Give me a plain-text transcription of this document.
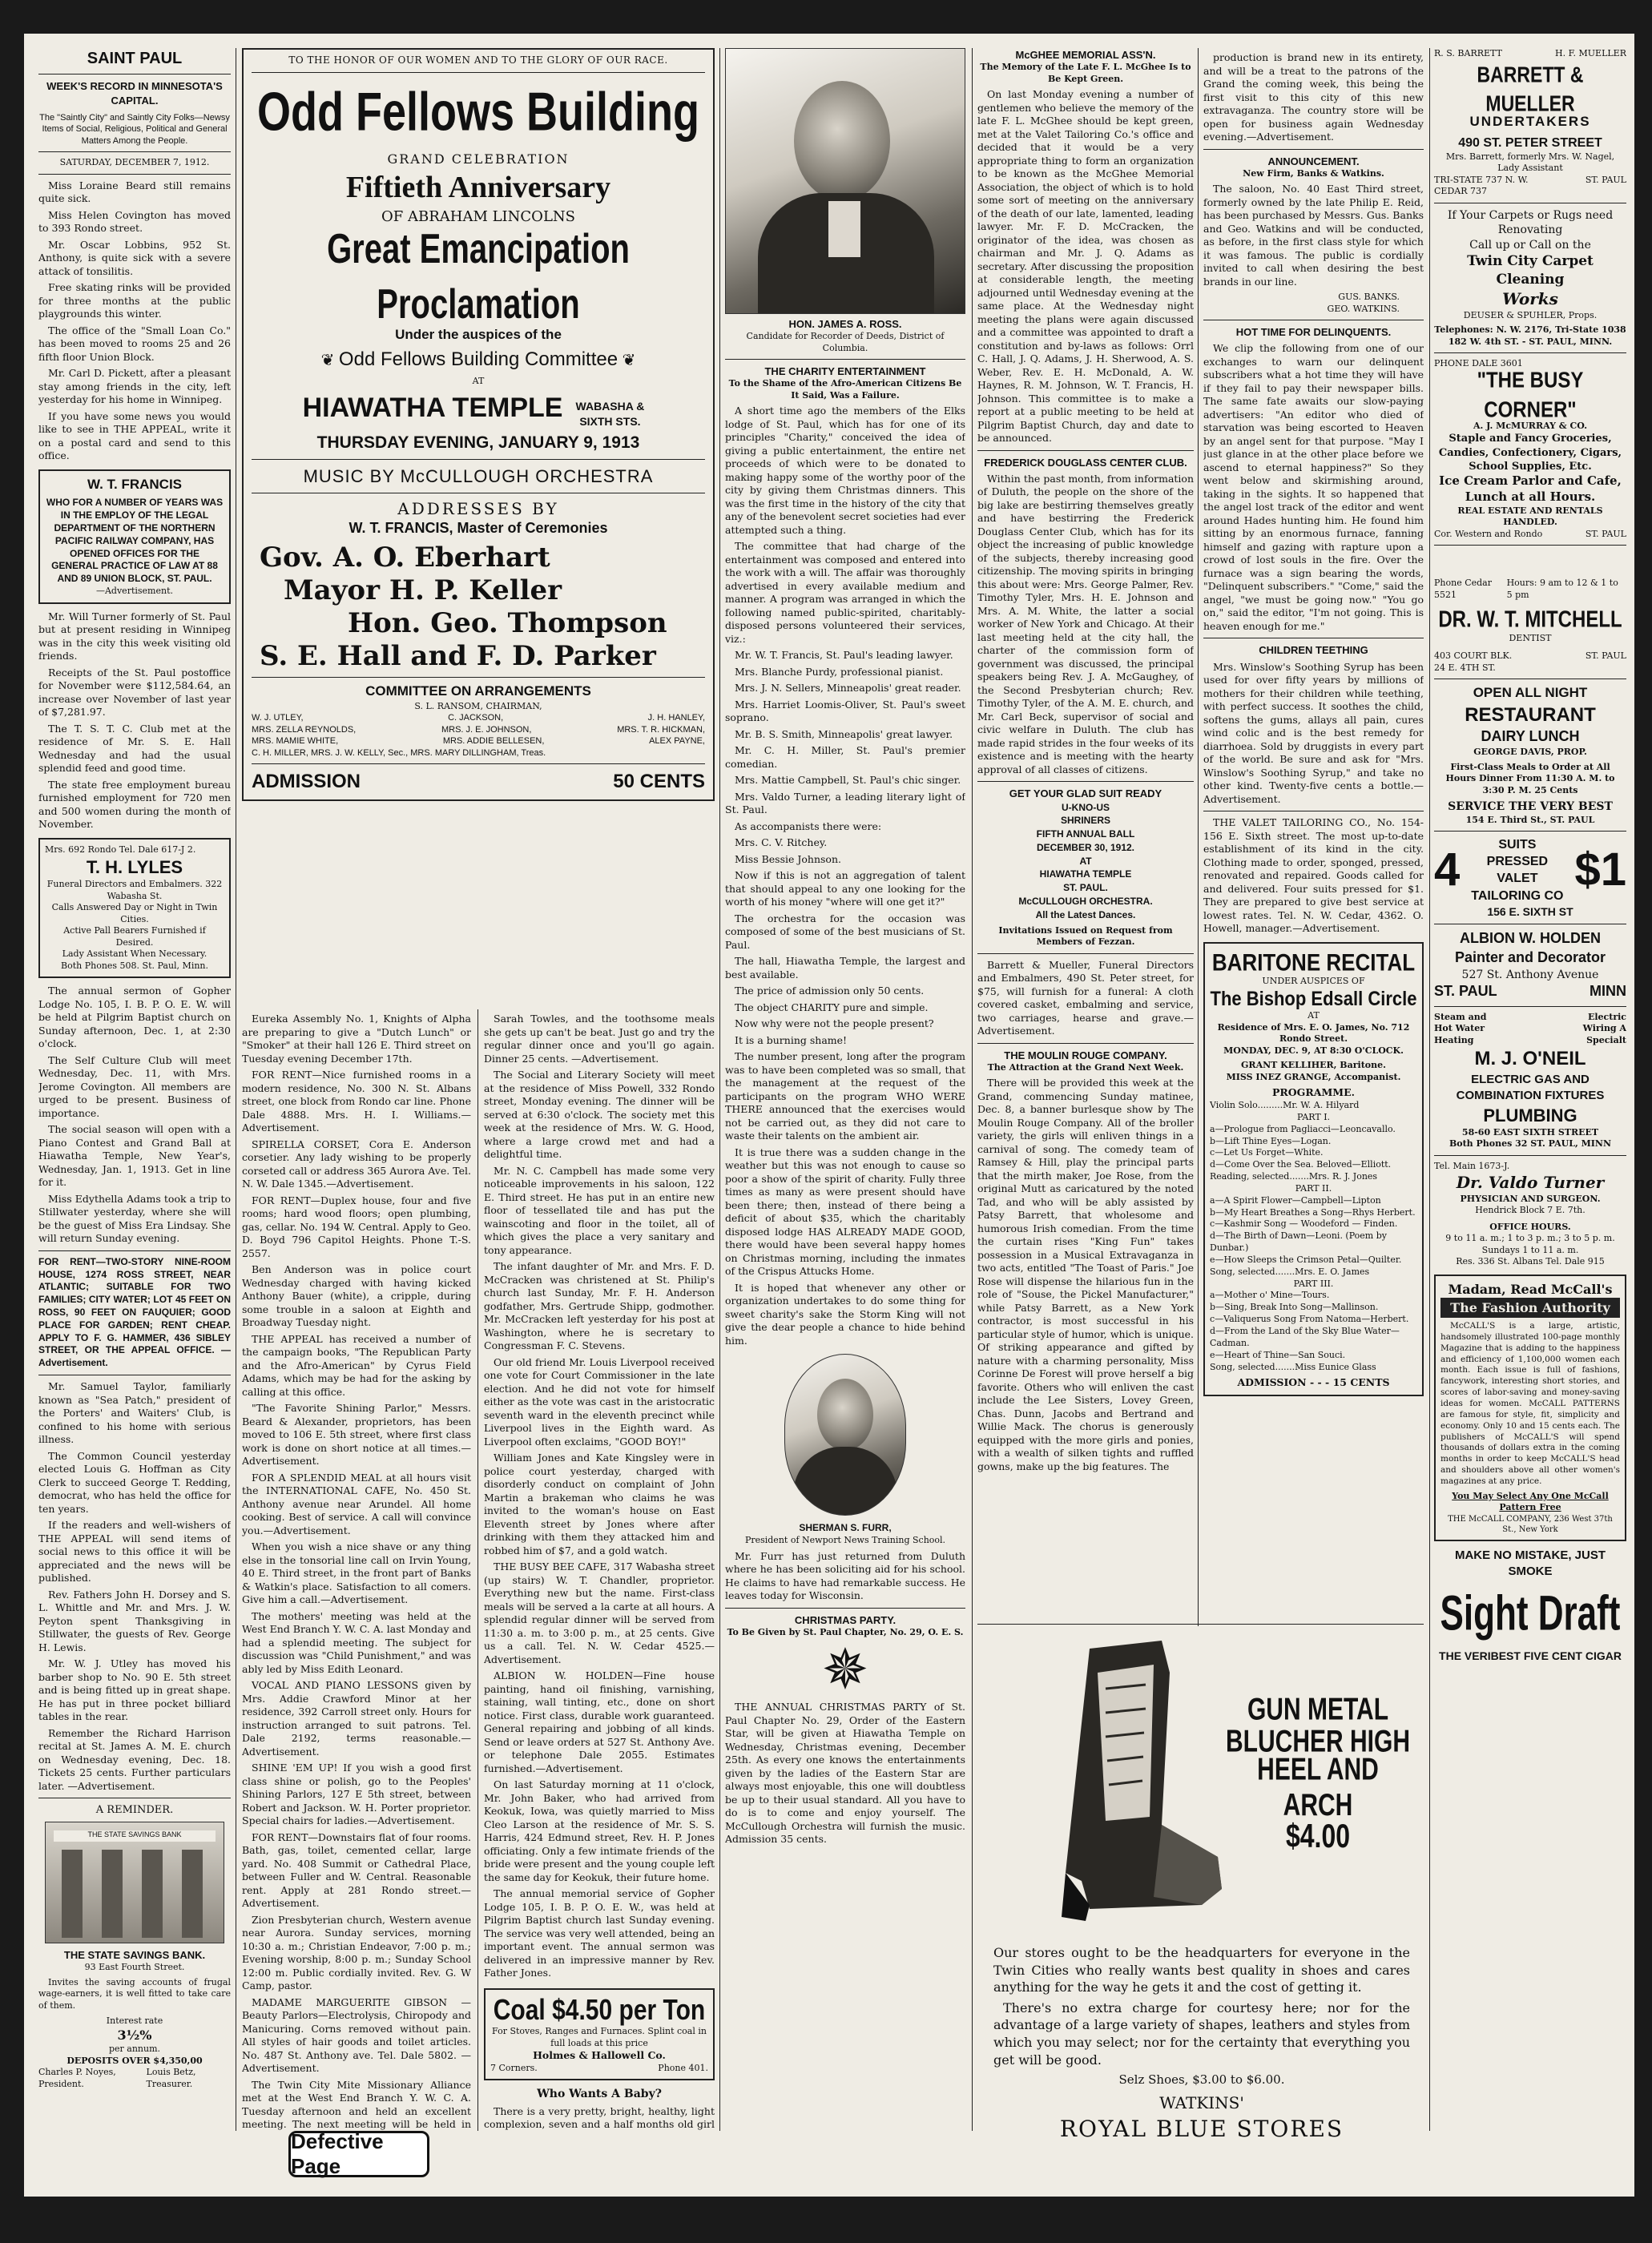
SAINT PAUL
WEEK'S RECORD IN MINNESOTA'S CAPITAL.
The "Saintly City" and Saintly City Folks—Newsy Items of Social, Religious, Political and General Matters Among the People.
SATURDAY, DECEMBER 7, 1912.

Miss Loraine Beard still remains quite sick.

Miss Helen Covington has moved to 393 Rondo street.

Mr. Oscar Lobbins, 952 St. Anthony, is quite sick with a severe attack of tonsilitis.

Free skating rinks will be provided for three months at the public playgrounds this winter.

The office of the "Small Loan Co." has been moved to rooms 25 and 26 fifth floor Union Block.

Mr. Carl D. Pickett, after a pleasant stay among friends in the city, left yesterday for his home in Winnipeg.

If you have some news you would like to see in THE APPEAL, write it on a postal card and send to this office.

W. T. FRANCIS
WHO FOR A NUMBER OF YEARS WAS IN THE EMPLOY OF THE LEGAL DEPARTMENT OF THE NORTHERN PACIFIC RAILWAY COMPANY, HAS OPENED OFFICES FOR THE GENERAL PRACTICE OF LAW AT 88 AND 89 UNION BLOCK, ST. PAUL.
—Advertisement.

Mr. Will Turner formerly of St. Paul but at present residing in Winnipeg was in the city this week visiting old friends.

Receipts of the St. Paul postoffice for November were $112,584.64, an increase over November of last year of $7,281.97.

The T. S. T. C. Club met at the residence of Mr. S. E. Hall Wednesday and had the usual splendid feed and good time.

The state free employment bureau furnished employment for 720 men and 500 women during the month of November.

Mrs. 692 Rondo Tel. Dale 617-J 2.
T. H. LYLES
Funeral Directors and Embalmers. 322 Wabasha St.
Calls Answered Day or Night in Twin Cities.
Active Pall Bearers Furnished if Desired.
Lady Assistant When Necessary.
Both Phones 508. St. Paul, Minn.

The annual sermon of Gopher Lodge No. 105, I. B. P. O. E. W. will be held at Pilgrim Baptist church on Sunday afternoon, Dec. 1, at 2:30 o'clock.

The Self Culture Club will meet Wednesday, Dec. 11, with Mrs. Jerome Covington. All members are urged to be present. Business of importance.

The social season will open with a Piano Contest and Grand Ball at Hiawatha Temple, New Year's, Wednesday, Jan. 1, 1913. Get in line for it.

Miss Edythella Adams took a trip to Stillwater yesterday, where she will be the guest of Miss Era Lindsay. She will return Sunday evening.

FOR RENT—TWO-STORY NINE-ROOM HOUSE, 1274 ROSS STREET, NEAR ATLANTIC; SUITABLE FOR TWO FAMILIES; CITY WATER; LOT 45 FEET ON ROSS, 90 FEET ON FAUQUIER; GOOD PLACE FOR GARDEN; RENT CHEAP. APPLY TO F. G. HAMMER, 436 SIBLEY STREET, OR THE APPEAL OFFICE. —Advertisement.

Mr. Samuel Taylor, familiarly known as "Sea Patch," president of the Porters' and Waiters' Club, is confined to his home with serious illness.

The Common Council yesterday elected Louis G. Hoffman as City Clerk to succeed George T. Redding, democrat, who has held the office for ten years.

If the readers and well-wishers of THE APPEAL will send items of social news to this office it will be appreciated and the news will be published.

Rev. Fathers John H. Dorsey and S. L. Whittle and Mr. and Mrs. J. W. Peyton spent Thanksgiving in Stillwater, the guests of Rev. George H. Lewis.

Mr. W. J. Utley has moved his barber shop to No. 90 E. 5th street and is being fitted up in great shape. He has put in three pocket billiard tables in the rear.

Remember the Richard Harrison recital at St. James A. M. E. church on Wednesday evening, Dec. 18. Tickets 25 cents. Further particulars later. —Advertisement.

A REMINDER.
THE STATE SAVINGS BANK
THE STATE SAVINGS BANK.
93 East Fourth Street.

Invites the saving accounts of frugal wage-earners, it is well fitted to take care of them.

Interest rate
3½%
per annum.
DEPOSITS OVER $4,350,00
Charles P. Noyes, President.
Louis Betz, Treasurer.
TO THE HONOR OF OUR WOMEN AND TO THE GLORY OF OUR RACE.
Odd Fellows Building
GRAND CELEBRATION
Fiftieth Anniversary
OF ABRAHAM LINCOLNS
Great Emancipation Proclamation
Under the auspices of the
❦ Odd Fellows Building Committee ❦
AT
HIAWATHA TEMPLE WABASHA & SIXTH STS.
THURSDAY EVENING, JANUARY 9, 1913
MUSIC BY McCULLOUGH ORCHESTRA
ADDRESSES BY
W. T. FRANCIS, Master of Ceremonies
Gov. A. O. Eberhart
Mayor H. P. Keller
Hon. Geo. Thompson
S. E. Hall and F. D. Parker
COMMITTEE ON ARRANGEMENTS
S. L. RANSOM, CHAIRMAN,
W. J. UTLEY,	C. JACKSON,	J. H. HANLEY,
MRS. ZELLA REYNOLDS,	MRS. J. E. JOHNSON,	MRS. T. R. HICKMAN,
MRS. MAMIE WHITE,	MRS. ADDIE BELLESEN,	ALEX PAYNE,
C. H. MILLER, MRS. J. W. KELLY, Sec., MRS. MARY DILLINGHAM, Treas.
ADMISSION	50 CENTS

Eureka Assembly No. 1, Knights of Alpha are preparing to give a "Dutch Lunch" or "Smoker" at their hall 126 E. Third street on Tuesday evening December 17th.

FOR RENT—Nice furnished rooms in a modern residence, No. 300 N. St. Albans street, one block from Rondo car line. Phone Dale 4888. Mrs. H. I. Williams.—Advertisement.

SPIRELLA CORSET, Cora E. Anderson corsetier. Any lady wishing to be properly corseted call or address 365 Aurora Ave. Tel. N. W. Dale 1345.—Advertisement.

FOR RENT—Duplex house, four and five rooms; hard wood floors; open plumbing, gas, cellar. No. 194 W. Central. Apply to Geo. D. Boyd 796 Capitol Heights. Phone T.-S. 2557.

Ben Anderson was in police court Wednesday charged with having kicked Anthony Bauer (white), a cripple, during some trouble in a saloon at Eighth and Broadway Tuesday night.

THE APPEAL has received a number of the campaign books, "The Republican Party and the Afro-American" by Cyrus Field Adams, which may be had for the asking by calling at this office.

"The Favorite Shining Parlor," Messrs. Beard & Alexander, proprietors, has been moved to 106 E. 5th street, where first class work is done on short notice at all times.—Advertisement.

FOR A SPLENDID MEAL at all hours visit the INTERNATIONAL CAFE, No. 450 St. Anthony avenue near Arundel. All home cooking. Best of service. A call will convince you.—Advertisement.

When you wish a nice shave or any thing else in the tonsorial line call on Irvin Young, 40 E. Third street, in the front part of Banks & Watkin's place. Satisfaction to all comers. Give him a call.—Advertisement.

The mothers' meeting was held at the West End Branch Y. W. C. A. last Monday and had a splendid meeting. The subject for discussion was "Child Punishment," and was ably led by Miss Edith Leonard.

VOCAL AND PIANO LESSONS given by Mrs. Addie Crawford Minor at her residence, 392 Carroll street only. Hours for instruction arranged to suit patrons. Tel. Dale 2192, terms reasonable.—Advertisement.

SHINE 'EM UP! If you wish a good first class shine or polish, go to the Peoples' Shining Parlors, 127 E 5th street, between Robert and Jackson. W. H. Porter proprietor. Special chairs for ladies.—Advertisement.

FOR RENT—Downstairs flat of four rooms. Bath, gas, toilet, cemented cellar, large yard. No. 408 Summit or Cathedral Place, between Fuller and W. Central. Reasonable rent. Apply at 281 Rondo street.—Advertisement.

Zion Presbyterian church, Western avenue near Aurora. Sunday services, morning 10:30 a. m.; Christian Endeavor, 7:00 p. m.; Evening worship, 8:00 p. m.; Sunday School 12:00 m. Public cordially invited. Rev. G. W Camp, pastor.

MADAME MARGUERITE GIBSON —Beauty Parlors—Electrolysis, Chiropody and Manicuring. Corns removed without pain. All styles of hair goods and toilet articles. No. 487 St. Anthony ave. Tel. Dale 5802. —Advertisement.

The Twin City Mite Missionary Alliance met at the West End Branch Y. W. C. A. Tuesday afternoon and held an excellent meeting. The next meeting will be held in

Sarah Towles, and the toothsome meals she gets up can't be beat. Just go and try the regular dinner once and you'll go again. Dinner 25 cents. —Advertisement.

The Social and Literary Society will meet at the residence of Miss Powell, 332 Rondo street, Monday evening. The dinner will be served at 6:30 o'clock. The society met this week at the residence of Mrs. W. G. Hood, where a large crowd met and had a delightful time.

Mr. N. C. Campbell has made some very noticeable improvements in his saloon, 122 E. Third street. He has put in an entire new floor of tessellated tile and has put the wainscoting and floor in the toilet, all of which gives the place a very sanitary and tony appearance.

The infant daughter of Mr. and Mrs. F. D. McCracken was christened at St. Philip's church last Sunday, Mr. F. H. Anderson godfather, Mrs. Gertrude Shipp, godmother. Mr. McCracken left yesterday for his post at Washington, where he is secretary to Congressman F. C. Stevens.

Our old friend Mr. Louis Liverpool received one vote for Court Commissioner in the late election. And he did not vote for himself either as the vote was cast in the aristocratic seventh ward in the eleventh precinct while Liverpool lives in the Eighth ward. As Liverpool often exclaims, "GOOD BOY!"

William Jones and Kate Kingsley were in police court yesterday, charged with disorderly conduct on complaint of John Martin a brakeman who claims he was invited to the woman's house on East Eleventh street by Jones where after drinking with them they attacked him and robbed him of $7, and a gold watch.

THE BUSY BEE CAFE, 317 Wabasha street (up stairs) W. T. Chandler, proprietor. Everything new but the name. First-class meals will be served a la carte at all hours. A splendid regular dinner will be served from 11:30 a. m. to 3:00 p. m., at 25 cents. Give us a call. Tel. N. W. Cedar 4525.—Advertisement.

ALBION W. HOLDEN—Fine house painting, hand oil finishing, varnishing, staining, wall tinting, etc., done on short notice. First class, durable work guaranteed. General repairing and jobbing of all kinds. Send or leave orders at 527 St. Anthony Ave. or telephone Dale 2055. Estimates furnished.—Advertisement.

On last Saturday morning at 11 o'clock, Mr. John Baker, who had arrived from Keokuk, Iowa, was quietly married to Miss Cleo Larson at the residence of Mr. S. S. Harris, 424 Edmund street, Rev. H. P. Jones officiating. Only a few intimate friends of the bride were present and the young couple left the same day for Keokuk, their future home.

The annual memorial service of Gopher Lodge 105, I. B. P. O. E. W., was held at Pilgrim Baptist church last Sunday evening. The service was very well attended, being an important event. The annual sermon was delivered in an impressive manner by Rev. Father Jones.

Coal $4.50 per Ton
For Stoves, Ranges and Furnaces. Splint coal in full loads at this price
Holmes & Hallowell Co.
7 Corners.	Phone 401.
Who Wants A Baby?

There is a very pretty, bright, healthy, light complexion, seven and a half months old girl

HON. JAMES A. ROSS.
Candidate for Recorder of Deeds, District of Columbia.
THE CHARITY ENTERTAINMENT
To the Shame of the Afro-American Citizens Be It Said, Was a Failure.

A short time ago the members of the Elks lodge of St. Paul, which has for one of its principles "Charity," conceived the idea of giving a public entertainment, the entire net proceeds of which were to be donated to making happy some of the worthy poor of the city by giving them Christmas dinners. This was the first time in the history of the city that any of the benevolent secret societies had ever attempted such a thing.

The committee that had charge of the entertainment was composed and entered into the work with a will. The affair was thoroughly advertised in every available medium and manner. A program was arranged in which the following named public-spirited, charitably-disposed persons volunteered their services, viz.:

Mr. W. T. Francis, St. Paul's leading lawyer.

Mrs. Blanche Purdy, professional pianist.

Mrs. J. N. Sellers, Minneapolis' great reader.

Mrs. Harriet Loomis-Oliver, St. Paul's sweet soprano.

Mr. B. S. Smith, Minneapolis' great lawyer.

Mr. C. H. Miller, St. Paul's premier comedian.

Mrs. Mattie Campbell, St. Paul's chic singer.

Mrs. Valdo Turner, a leading literary light of St. Paul.

As accompanists there were:

Mrs. C. V. Ritchey.

Miss Bessie Johnson.

Now if this is not an aggregation of talent that should appeal to any one looking for the worth of his money "where will one get it?"

The orchestra for the occasion was composed of some of the best musicians of St. Paul.

The hall, Hiawatha Temple, the largest and best available.

The price of admission only 50 cents.

The object CHARITY pure and simple.

Now why were not the people present?

It is a burning shame!

The number present, long after the program was to have been completed was so small, that the management at the request of the participants on the program WHO WERE THERE announced that the exercises would not be carried out, as they did not care to waste their talents on the ambient air.

It is true there was a sudden change in the weather but this was not enough to cause so poor a show of the spirit of charity. Fully three times as many as were present should have been there; then, instead of there being a deficit of about $35, which the charitably disposed lodge HAS ALREADY MADE GOOD, there would have been several happy homes on Christmas morning, including the inmates of the Crispus Attucks Home.

It is hoped that whenever any other or organization undertakes to do some thing for sweet charity's sake the Storm King will not give the dear people a chance to hide behind him.

SHERMAN S. FURR,
President of Newport News Training School.

Mr. Furr has just returned from Duluth where he has been soliciting aid for his school. He claims to have had remarkable success. He leaves today for Wisconsin.

CHRISTMAS PARTY.
To Be Given by St. Paul Chapter, No. 29, O. E. S.
✵

THE ANNUAL CHRISTMAS PARTY of St. Paul Chapter No. 29, Order of the Eastern Star, will be given at Hiawatha Temple on Wednesday, Christmas evening, December 25th. As every one knows the entertainments given by the ladies of the Eastern Star are always most enjoyable, this one will doubtless be up to their usual standard. All you have to do is to come and enjoy yourself. The McCullough Orchestra will furnish the music. Admission 35 cents.

McGHEE MEMORIAL ASS'N.
The Memory of the Late F. L. McGhee Is to Be Kept Green.

On last Monday evening a number of gentlemen who believe the memory of the late F. L. McGhee should be kept green, met at the Valet Tailoring Co.'s office and decided that it would be a very appropriate thing to form an organization to be known as the McGhee Memorial Association, the object of which is to hold some sort of meeting on the anniversary of the death of our late, lamented, leading lawyer. Mr. F. D. McCracken, the originator of the idea, was chosen as chairman and Mr. J. Q. Adams as secretary. After discussing the proposition at considerable length, the meeting adjourned until Wednesday evening at the same place. At the Wednesday night meeting the plans were again discussed and a committee was appointed to draft a constitution and by-laws as follows: Orrl C. Hall, J. Q. Adams, J. H. Sherwood, A. S. Weber, Rev. E. H. McDonald, A. W. Haynes, R. M. Johnson, W. T. Francis, H. Johnson. This committee is to make a report at a public meeting to be held at Pilgrim Baptist Church, day and date to be announced.

FREDERICK DOUGLASS CENTER CLUB.

Within the past month, from information of Duluth, the people on the shore of the big lake are bestirring themselves greatly and have bestirring the Frederick Douglass Center Club, which has for its object the increasing of public knowledge of the subjects, thereby increasing good citizenship. The moving spirits in bringing this about were: Mrs. George Palmer, Rev. Timothy Tyler, Mrs. H. E. Johnson and Mrs. A. M. White, the latter a social worker of New York and Chicago. At their last meeting held at the city hall, the charter of the commission form of government was discussed, the principal speakers being Rev. J. A. McGaughey, of the Second Presbyterian church; Rev. Timothy Tyler, of the A. M. E. church, and Mr. Carl Beck, supervisor of social and civic welfare in Duluth. The club has made rapid strides in the four weeks of its existence and is meeting with the hearty approval of all classes of citizens.

GET YOUR GLAD SUIT READY
U-KNO-US
SHRINERS
FIFTH ANNUAL BALL
DECEMBER 30, 1912.
AT
HIAWATHA TEMPLE
ST. PAUL.
McCULLOUGH ORCHESTRA.
All the Latest Dances.
Invitations Issued on Request from Members of Fezzan.

Barrett & Mueller, Funeral Directors and Embalmers, 490 St. Peter street, for $75, will furnish for a funeral: A cloth covered casket, embalming and service, two carriages, hearse and grave.—Advertisement.

THE MOULIN ROUGE COMPANY.
The Attraction at the Grand Next Week.

There will be provided this week at the Grand, commencing Sunday matinee, Dec. 8, a banner burlesque show by The Moulin Rouge Company. All of the broller variety, the girls will enliven things in a carnival of song. The comedy team of Ramsey & Hill, play the principal parts that the mirth maker, Joe Rose, from the original Mutt as caricatured by the noted Tad, and who will be ably assisted by Patsy Barrett, that wholesome and humorous Irish comedian. From the time the curtain rises "King Fun" takes possession in a Musical Extravaganza in two acts, entitled "The Toast of Paris." Joe Rose will dispense the hilarious fun in the role of "Souse, the Pickel Manufacturer," while Patsy Barrett, as a New York contractor, is most successful in his particular style of humor, which is unique. Of striking appearance and gifted by nature with a charming personality, Miss Corinne De Forest will prove herself a big favorite. Others who will enliven the cast include the Lee Sisters, Lovey Green, Chas. Dunn, Jacobs and Bertrand and Willie Mack. The chorus is generously equipped with the more girls and ponies, with a wealth of silken tights and ruffled gowns, make up the big features. The

production is brand new in its entirety, and will be a treat to the patrons of the Grand the coming week, this being the first visit to this city of this new extravaganza. The country store will be open for business again Wednesday evening.—Advertisement.

ANNOUNCEMENT.
New Firm, Banks & Watkins.

The saloon, No. 40 East Third street, formerly owned by the late Philip E. Reid, has been purchased by Messrs. Gus. Banks and Geo. Watkins and will be conducted, as before, in the first class style for which it was famous. The public is cordially invited to call when desiring the best brands in our line.

GUS. BANKS.
GEO. WATKINS.
HOT TIME FOR DELINQUENTS.

We clip the following from one of our exchanges to warn our delinquent subscribers what a hot time they will have if they fail to pay their newspaper bills. The same fate awaits our slow-paying advertisers: "An editor who died of starvation was being escorted to Heaven by an angel sent for that purpose. "May I just glance in at the other place before we ascend to eternal happiness?" So they went below and skirmishing around, taking in the sights. It so happened that the angel lost track of the editor and went around Hades hunting him. He found him sitting by an enormous furnace, fanning himself and gazing with rapture upon a crowd of lost souls in the fire. Over the furnace was a sign bearing the words, "Delinquent subscribers." "Come," said the angel, "we must be going now." "You go on," said the editor, "I'm not going. This is heaven enough for me."

CHILDREN TEETHING

Mrs. Winslow's Soothing Syrup has been used for over fifty years by millions of mothers for their children while teething, with perfect success. It soothes the child, softens the gums, allays all pain, cures wind colic and is the best remedy for diarrhoea. Sold by druggists in every part of the world. Be sure and ask for "Mrs. Winslow's Soothing Syrup," and take no other kind. Twenty-five cents a bottle.—Advertisement.

THE VALET TAILORING CO., No. 154-156 E. Sixth street. The most up-to-date establishment of its kind in the city. Clothing made to order, sponged, pressed, renovated and repaired. Goods called for and delivered. Four suits pressed for $1. They are prepared to give best service at lowest rates. Tel. N. W. Cedar, 4362. O. Howell, manager.—Advertisement.

BARITONE RECITAL
UNDER AUSPICES OF
The Bishop Edsall Circle
AT
Residence of Mrs. E. O. James, No. 712 Rondo Street.
MONDAY, DEC. 9, AT 8:30 O'CLOCK.
GRANT KELLIHER, Baritone.
MISS INEZ GRANGE, Accompanist.
PROGRAMME.
Violin Solo.........Mr. W. A. Hilyard
PART I.
a—Prologue from Pagliacci—Leoncavallo.
b—Lift Thine Eyes—Logan.
c—Let Us Forget—White.
d—Come Over the Sea. Beloved—Elliott.
Reading, selected.......Mrs. R. J. Jones
PART II.
a—A Spirit Flower—Campbell—Lipton
b—My Heart Breathes a Song—Rhys Herbert.
c—Kashmir Song — Woodeford — Finden.
d—The Birth of Dawn—Leoni. (Poem by Dunbar.)
e—How Sleeps the Crimson Petal—Quilter.
Song, selected.......Mrs. E. O. James
PART III.
a—Mother o' Mine—Tours.
b—Sing, Break Into Song—Mallinson.
c—Valiquerus Song From Natoma—Herbert.
d—From the Land of the Sky Blue Water—Cadman.
e—Heart of Thine—San Souci.
Song, selected.......Miss Eunice Glass
ADMISSION - - - 15 CENTS
GUN METAL
BLUCHER HIGH
HEEL AND ARCH
$4.00

Our stores ought to be the headquarters for everyone in the Twin Cities who really wants best quality in shoes and cares anything for the way he gets it and the cost of getting it.

There's no extra charge for courtesy here; nor for the advantage of a large variety of shapes, leathers and styles from which you may select; nor for the certainty that everything you get will be good.

Selz Shoes, $3.00 to $6.00.
WATKINS'
ROYAL BLUE STORES
R. S. BARRETT	H. F. MUELLER
BARRETT & MUELLER
UNDERTAKERS
490 ST. PETER STREET
Mrs. Barrett, formerly Mrs. W. Nagel, Lady Assistant
TRI-STATE 737 N. W. CEDAR 737
ST. PAUL
If Your Carpets or Rugs need
Renovating
Call up or Call on the
Twin City Carpet Cleaning
Works
DEUSER & SPUHLER, Props.
Telephones: N. W. 2176, Tri-State 1038
182 W. 4th ST. - ST. PAUL, MINN.
PHONE DALE 3601
"THE BUSY CORNER"
A. J. McMURRAY & CO.
Staple and Fancy Groceries, Candies, Confectionery, Cigars, School Supplies, Etc.
Ice Cream Parlor and Cafe, Lunch at all Hours.
REAL ESTATE AND RENTALS HANDLED.
Cor. Western and Rondo	ST. PAUL
Phone Cedar 5521
Hours: 9 am to 12 & 1 to 5 pm
DR. W. T. MITCHELL
DENTIST
403 COURT BLK. 24 E. 4TH ST.
ST. PAUL
OPEN ALL NIGHT
RESTAURANT
DAIRY LUNCH
GEORGE DAVIS, PROP.
First-Class Meals to Order at All Hours Dinner From 11:30 A. M. to 3:30 P. M. 25 Cents
SERVICE THE VERY BEST
154 E. Third St., ST. PAUL
4	SUITS PRESSED VALET TAILORING CO $1
156 E. SIXTH ST
ALBION W. HOLDEN
Painter and Decorator
527 St. Anthony Avenue
ST. PAUL	MINN
Steam and Hot Water Heating
Electric Wiring A Specialt
M. J. O'NEIL
ELECTRIC GAS AND COMBINATION FIXTURES
PLUMBING
58-60 EAST SIXTH STREET
Both Phones 32 ST. PAUL, MINN
Tel. Main 1673-J.
Dr. Valdo Turner
PHYSICIAN AND SURGEON.
Hendrick Block 7 E. 7th.
OFFICE HOURS.
9 to 11 a. m.; 1 to 3 p. m.; 3 to 5 p. m. Sundays 1 to 11 a. m.
Res. 336 St. Albans Tel. Dale 915
Madam, Read McCall's
The Fashion Authority

McCALL'S is a large, artistic, handsomely illustrated 100-page monthly Magazine that is adding to the happiness and efficiency of 1,100,000 women each month. Each issue is full of fashions, fancywork, interesting short stories, and scores of labor-saving and money-saving ideas for women. McCALL PATTERNS are famous for style, fit, simplicity and economy. Only 10 and 15 cents each. The publishers of McCALL'S will spend thousands of dollars extra in the coming months in order to keep McCALL'S head and shoulders above all other women's magazines at any price.

You May Select Any One McCall Pattern Free
THE McCALL COMPANY, 236 West 37th St., New York
MAKE NO MISTAKE, JUST SMOKE
Sight Draft
THE VERIBEST FIVE CENT CIGAR
Defective Page
